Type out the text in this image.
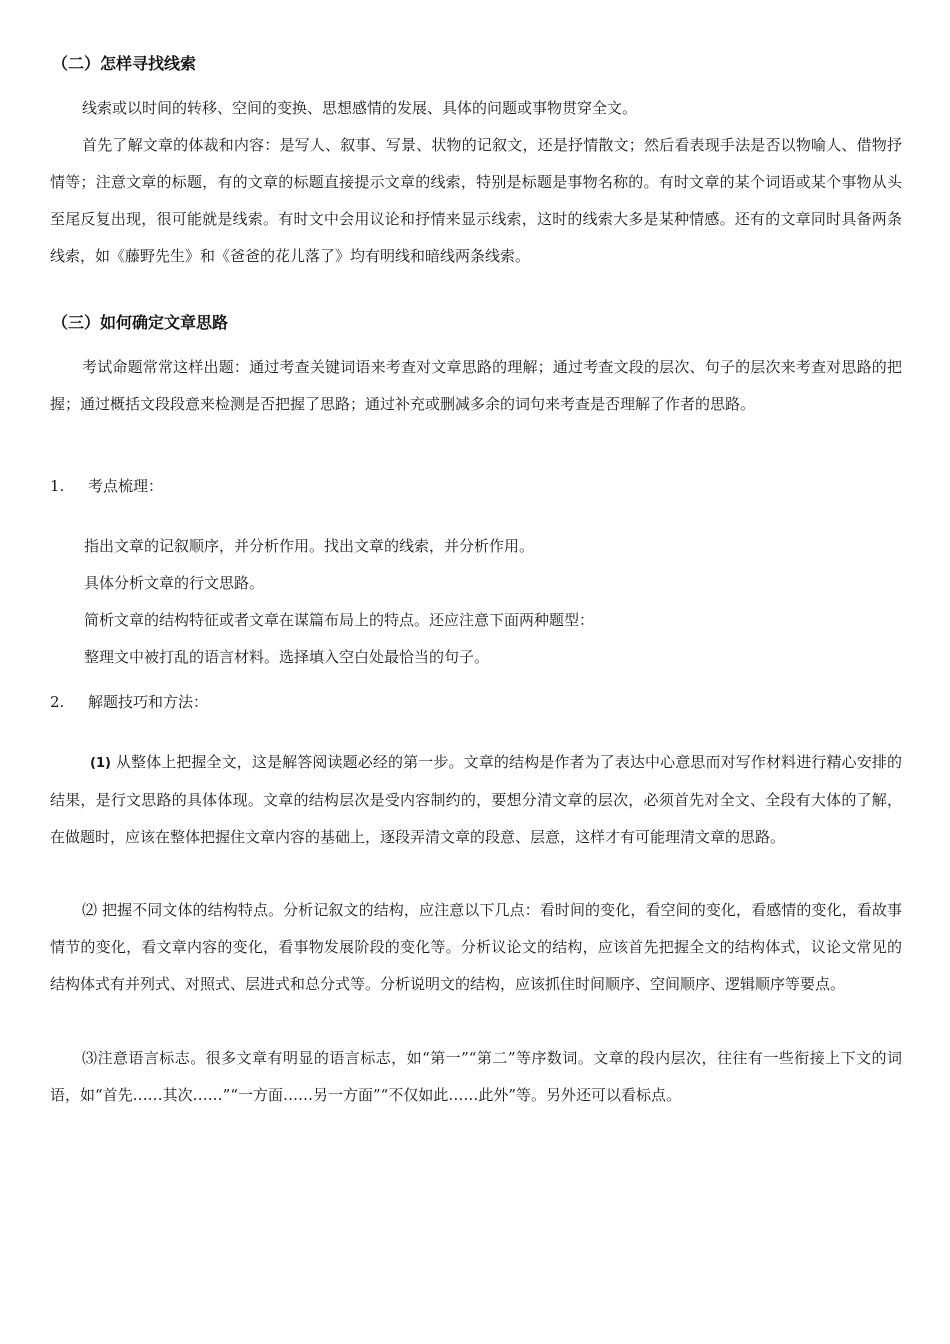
（二）怎样寻找线索
线索或以时间的转移、空间的变换、思想感情的发展、具体的问题或事物贯穿全文。
首先了解文章的体裁和内容：是写人、叙事、写景、状物的记叙文，还是抒情散文；然后看表现手法是否以物喻人、借物抒情等；注意文章的标题，有的文章的标题直接提示文章的线索，特别是标题是事物名称的。有时文章的某个词语或某个事物从头至尾反复出现，很可能就是线索。有时文中会用议论和抒情来显示线索，这时的线索大多是某种情感。还有的文章同时具备两条线索，如《藤野先生》和《爸爸的花儿落了》均有明线和暗线两条线索。
（三）如何确定文章思路
考试命题常常这样出题：通过考查关键词语来考查对文章思路的理解；通过考查文段的层次、句子的层次来考查对思路的把握；通过概括文段段意来检测是否把握了思路；通过补充或删减多余的词句来考查是否理解了作者的思路。
1. 考点梳理：
指出文章的记叙顺序，并分析作用。找出文章的线索，并分析作用。
具体分析文章的行文思路。
简析文章的结构特征或者文章在谋篇布局上的特点。还应注意下面两种题型：
整理文中被打乱的语言材料。选择填入空白处最恰当的句子。
2. 解题技巧和方法：
(1) 从整体上把握全文，这是解答阅读题必经的第一步。文章的结构是作者为了表达中心意思而对写作材料进行精心安排的结果，是行文思路的具体体现。文章的结构层次是受内容制约的，要想分清文章的层次，必须首先对全文、全段有大体的了解，在做题时，应该在整体把握住文章内容的基础上，逐段弄清文章的段意、层意，这样才有可能理清文章的思路。
⑵ 把握不同文体的结构特点。分析记叙文的结构，应注意以下几点：看时间的变化，看空间的变化，看感情的变化，看故事情节的变化，看文章内容的变化，看事物发展阶段的变化等。分析议论文的结构，应该首先把握全文的结构体式，议论文常见的结构体式有并列式、对照式、层进式和总分式等。分析说明文的结构，应该抓住时间顺序、空间顺序、逻辑顺序等要点。
⑶注意语言标志。很多文章有明显的语言标志，如“第一”“第二”等序数词。文章的段内层次，往往有一些衔接上下文的词语，如“首先……其次……”“一方面……另一方面”“不仅如此……此外”等。另外还可以看标点。
